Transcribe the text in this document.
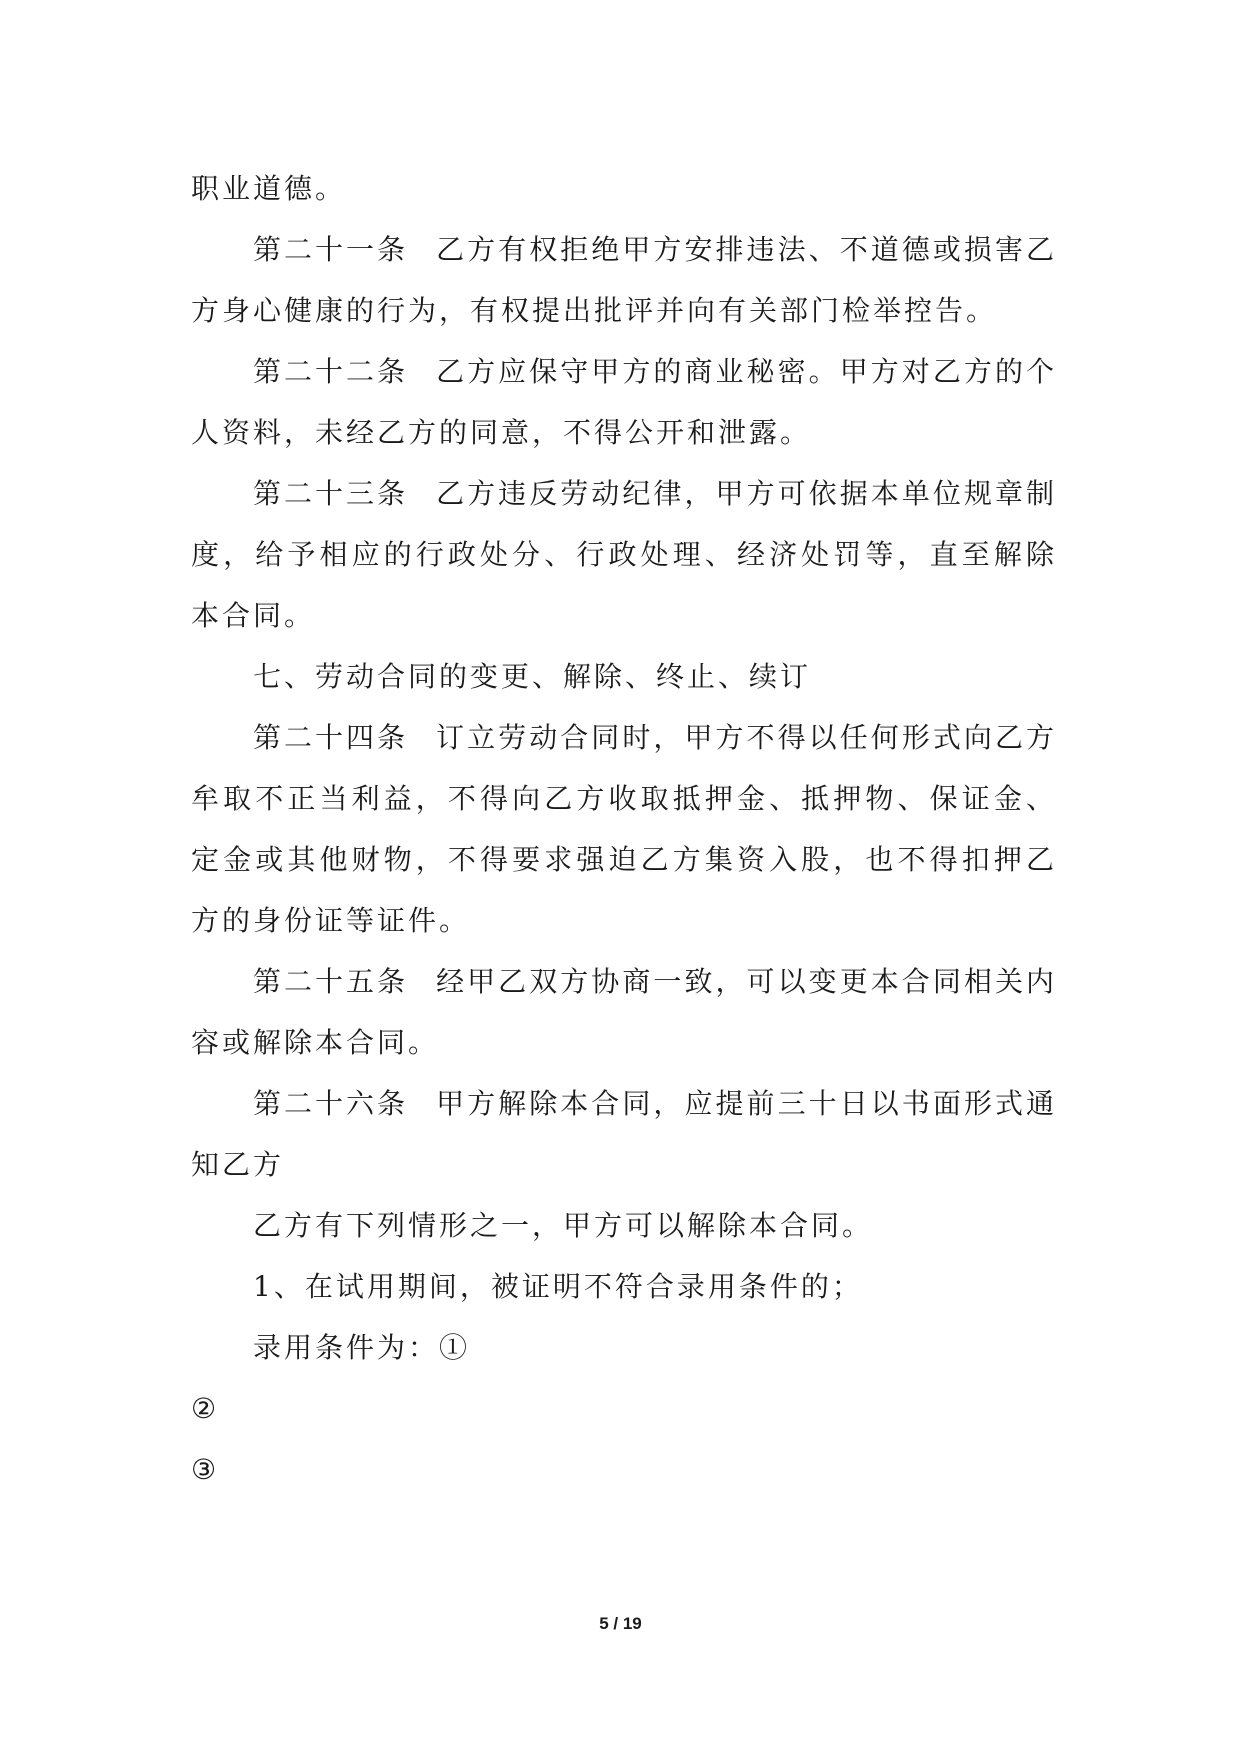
职业道德。

第二十一条 乙方有权拒绝甲方安排违法、不道德或损害乙方身心健康的行为，有权提出批评并向有关部门检举控告。

第二十二条 乙方应保守甲方的商业秘密。甲方对乙方的个人资料，未经乙方的同意，不得公开和泄露。

第二十三条 乙方违反劳动纪律，甲方可依据本单位规章制度，给予相应的行政处分、行政处理、经济处罚等，直至解除本合同。

七、劳动合同的变更、解除、终止、续订

第二十四条 订立劳动合同时，甲方不得以任何形式向乙方牟取不正当利益，不得向乙方收取抵押金、抵押物、保证金、定金或其他财物，不得要求强迫乙方集资入股，也不得扣押乙方的身份证等证件。

第二十五条 经甲乙双方协商一致，可以变更本合同相关内容或解除本合同。

第二十六条 甲方解除本合同，应提前三十日以书面形式通知乙方

乙方有下列情形之一，甲方可以解除本合同。

1、在试用期间，被证明不符合录用条件的；

录用条件为：①

②

③

5 / 19
